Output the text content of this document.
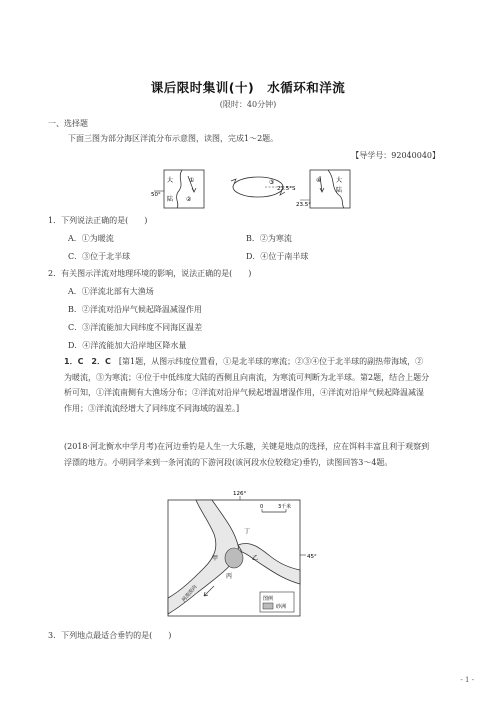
课后限时集训(十)　水循环和洋流
(限时：40分钟)
一、选择题
下面三图为部分海区洋流分布示意图，读图，完成1～2题。
【导学号：92040040】
50°
大
陆 ②
①	③
23.5°S
④ 大
陆
23.5°
1．下列说法正确的是(　　)
A．①为暖流	B．②为寒流
C．③位于北半球	D．④位于南半球
2．有关图示洋流对地理环境的影响，说法正确的是(　　)
A．①洋流北部有大渔场
B．②洋流对沿岸气候起降温减湿作用
C．③洋流能加大同纬度不同海区温差
D．④洋流能加大沿岸地区降水量
1．C　2．C　 [第1题，从图示纬度位置看，①是北半球的寒流；②③④位于北半球的副热带海域，②为暖流，③为寒流；④位于中低纬度大陆的西侧且向南流，为寒流可判断为北半球。第2题，结合上题分析可知，①洋流南侧有大渔场分布；②洋流对沿岸气候起增温增湿作用，④洋流对沿岸气候起降温减湿作用；③洋流流经增大了同纬度不同海域的温差。]
(2018·河北衡水中学月考)在河边垂钓是人生一大乐趣，关键是地点的选择，应在饵料丰富且利于观察到浮漂的地方。小明同学来到一条河流的下游河段(该河段水位较稳定)垂钓，读图回答3～4题。
126°
45°
0	3千米
丁
甲	乙
丙
河流流向	图例
砂洲
3．下列地点最适合垂钓的是(　　)
- 1 -
